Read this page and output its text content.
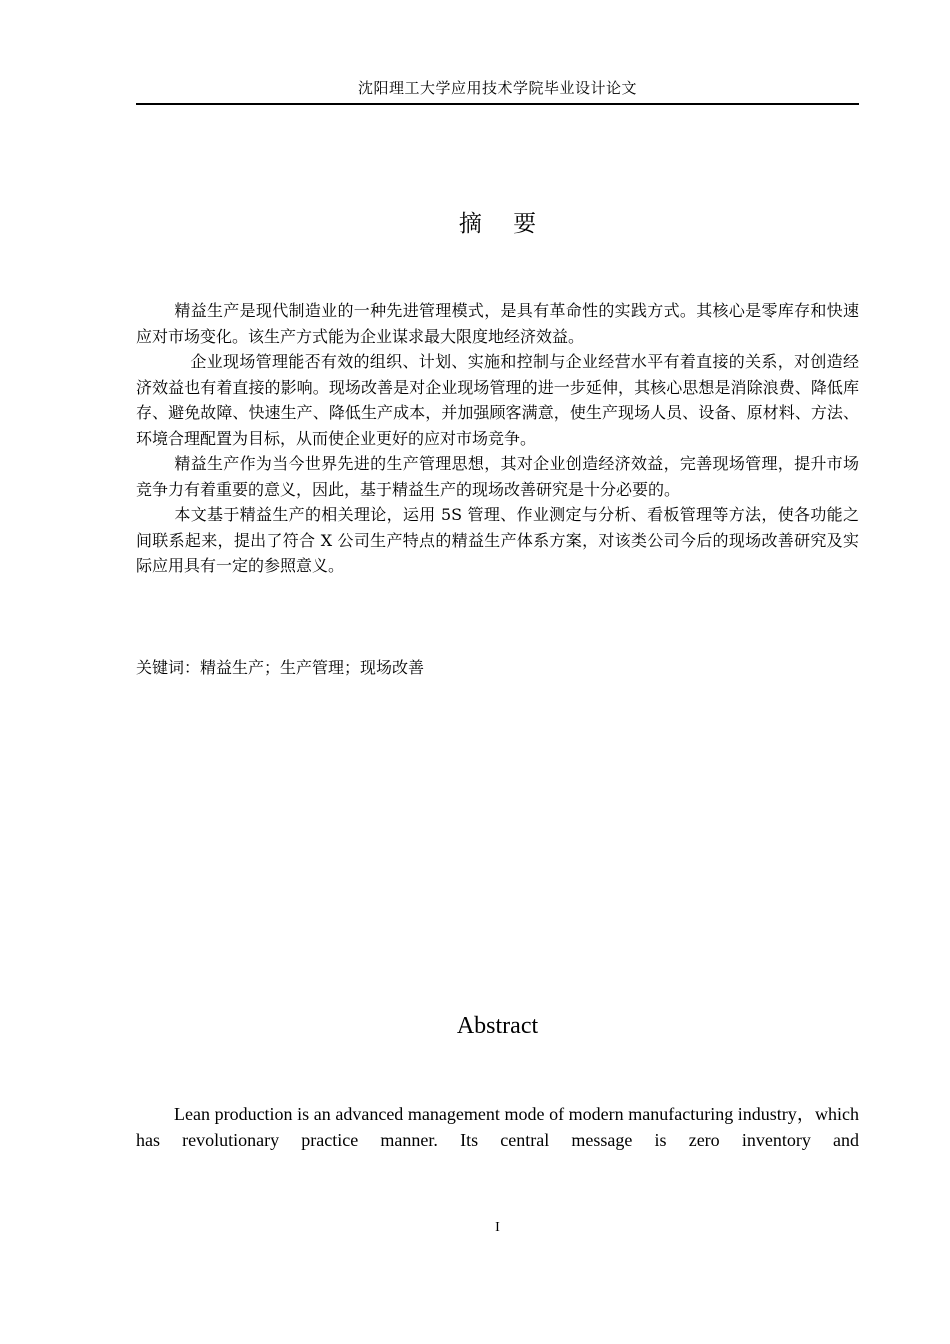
沈阳理工大学应用技术学院毕业设计论文
摘 要

精益生产是现代制造业的一种先进管理模式，是具有革命性的实践方式。其核心是零库存和快速应对市场变化。该生产方式能为企业谋求最大限度地经济效益。

企业现场管理能否有效的组织、计划、实施和控制与企业经营水平有着直接的关系，对创造经济效益也有着直接的影响。现场改善是对企业现场管理的进一步延伸，其核心思想是消除浪费、降低库存、避免故障、快速生产、降低生产成本，并加强顾客满意，使生产现场人员、设备、原材料、方法、环境合理配置为目标，从而使企业更好的应对市场竞争。

精益生产作为当今世界先进的生产管理思想，其对企业创造经济效益，完善现场管理，提升市场竞争力有着重要的意义，因此，基于精益生产的现场改善研究是十分必要的。

本文基于精益生产的相关理论，运用 5S 管理、作业测定与分析、看板管理等方法，使各功能之间联系起来，提出了符合 X 公司生产特点的精益生产体系方案，对该类公司今后的现场改善研究及实际应用具有一定的参照意义。

关键词：精益生产；生产管理；现场改善
Abstract

Lean production is an advanced management mode of modern manufacturing industry，which has revolutionary practice manner. Its central message is zero inventory and

I
